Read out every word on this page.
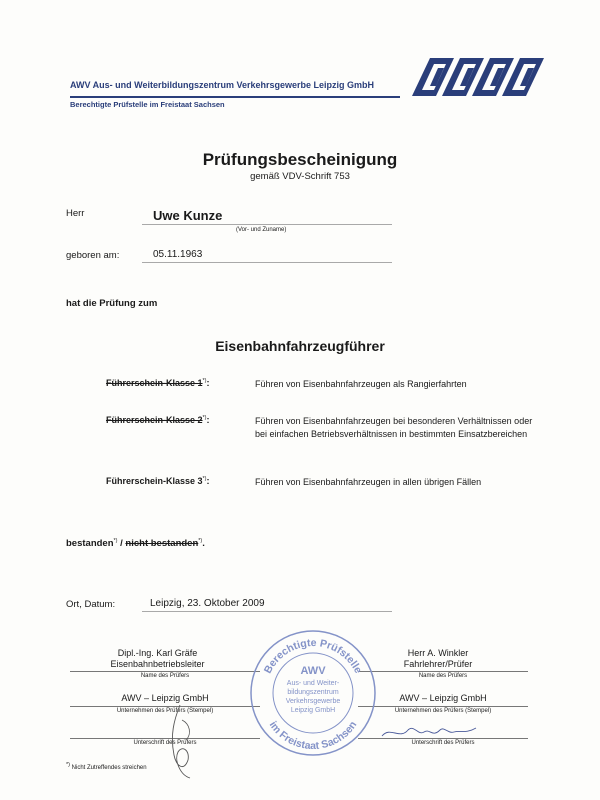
AWV Aus- und Weiterbildungszentrum Verkehrsgewerbe Leipzig GmbH
Berechtigte Prüfstelle im Freistaat Sachsen
Prüfungsbescheinigung
gemäß VDV-Schrift 753
Herr	Uwe Kunze
(Vor- und Zuname)
geboren am:	05.11.1963
hat die Prüfung zum
Eisenbahnfahrzeugführer
Führerschein-Klasse 1*):	Führen von Eisenbahnfahrzeugen als Rangierfahrten
Führerschein-Klasse 2*):	Führen von Eisenbahnfahrzeugen bei besonderen Verhältnissen oder bei einfachen Betriebsverhältnissen in bestimmten Einsatzbereichen
Führerschein-Klasse 3*):	Führen von Eisenbahnfahrzeugen in allen übrigen Fällen
bestanden*) / nicht bestanden*).
Ort, Datum:	Leipzig, 23. Oktober 2009
Dipl.-Ing. Karl Gräfe
Eisenbahnbetriebsleiter
Name des Prüfers
AWV – Leipzig GmbH
Unternehmen des Prüfers (Stempel)
Unterschrift des Prüfers
Herr A. Winkler
Fahrlehrer/Prüfer
Name des Prüfers
AWV – Leipzig GmbH
Unternehmen des Prüfers (Stempel)
Unterschrift des Prüfers
Berechtigte Prüfstelle
im Freistaat Sachsen
AWV
Aus- und Weiter-
bildungszentrum
Verkehrsgewerbe
Leipzig GmbH
*) Nicht Zutreffendes streichen
